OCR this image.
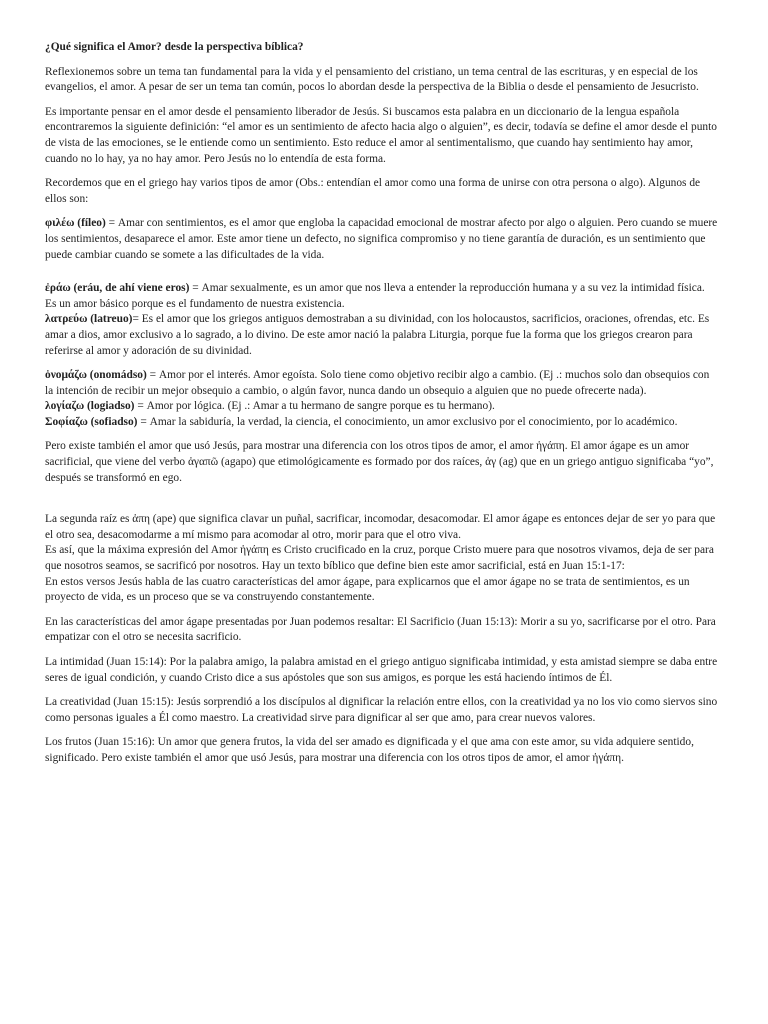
¿Qué significa el Amor? desde la perspectiva bíblica?

Reflexionemos sobre un tema tan fundamental para la vida y el pensamiento del cristiano, un tema central de las escrituras, y en especial de los evangelios, el amor. A pesar de ser un tema tan común, pocos lo abordan desde la perspectiva de la Biblia o desde el pensamiento de Jesucristo.

Es importante pensar en el amor desde el pensamiento liberador de Jesús. Si buscamos esta palabra en un diccionario de la lengua española encontraremos la siguiente definición: “el amor es un sentimiento de afecto hacia algo o alguien”, es decir, todavía se define el amor desde el punto de vista de las emociones, se le entiende como un sentimiento. Esto reduce el amor al sentimentalismo, que cuando hay sentimiento hay amor, cuando no lo hay, ya no hay amor. Pero Jesús no lo entendía de esta forma.

Recordemos que en el griego hay varios tipos de amor (Obs.: entendían el amor como una forma de unirse con otra persona o algo). Algunos de ellos son:

φιλέω (fíleo) = Amar con sentimientos, es el amor que engloba la capacidad emocional de mostrar afecto por algo o alguien. Pero cuando se muere los sentimientos, desaparece el amor. Este amor tiene un defecto, no significa compromiso y no tiene garantía de duración, es un sentimiento que puede cambiar cuando se somete a las dificultades de la vida.

ἐράω (eráu, de ahí viene eros) = Amar sexualmente, es un amor que nos lleva a entender la reproducción humana y a su vez la intimidad física. Es un amor básico porque es el fundamento de nuestra existencia.
λατρεύω (latreuo)= Es el amor que los griegos antiguos demostraban a su divinidad, con los holocaustos, sacrificios, oraciones, ofrendas, etc. Es amar a dios, amor exclusivo a lo sagrado, a lo divino. De este amor nació la palabra Liturgia, porque fue la forma que los griegos crearon para referirse al amor y adoración de su divinidad.
ὀνομάζω (onomádso) = Amor por el interés. Amor egoísta. Solo tiene como objetivo recibir algo a cambio. (Ej .: muchos solo dan obsequios con la intención de recibir un mejor obsequio a cambio, o algún favor, nunca dando un obsequio a alguien que no puede ofrecerte nada).
λογίαζω (logiadso) = Amor por lógica. (Ej .: Amar a tu hermano de sangre porque es tu hermano).
Σοφίαζω (sofiadso) = Amar la sabiduría, la verdad, la ciencia, el conocimiento, un amor exclusivo por el conocimiento, por lo académico.

Pero existe también el amor que usó Jesús, para mostrar una diferencia con los otros tipos de amor, el amor ἠγάπη. El amor ágape es un amor sacrificial, que viene del verbo ἀγαπῶ (agapo) que etimológicamente es formado por dos raíces, ἀγ (ag) que en un griego antiguo significaba “yo”, después se transformó en ego.

La segunda raíz es ἀπη (ape) que significa clavar un puñal, sacrificar, incomodar, desacomodar. El amor ágape es entonces dejar de ser yo para que el otro sea, desacomodarme a mí mismo para acomodar al otro, morir para que el otro viva.
Es así, que la máxima expresión del Amor ἠγάπη es Cristo crucificado en la cruz, porque Cristo muere para que nosotros vivamos, deja de ser para que nosotros seamos, se sacrificó por nosotros. Hay un texto bíblico que define bien este amor sacrificial, está en Juan 15:1-17:
En estos versos Jesús habla de las cuatro características del amor ágape, para explicarnos que el amor ágape no se trata de sentimientos, es un proyecto de vida, es un proceso que se va construyendo constantemente.

En las características del amor ágape presentadas por Juan podemos resaltar: El Sacrificio (Juan 15:13): Morir a su yo, sacrificarse por el otro. Para empatizar con el otro se necesita sacrificio.

La intimidad (Juan 15:14): Por la palabra amigo, la palabra amistad en el griego antiguo significaba intimidad, y esta amistad siempre se daba entre seres de igual condición, y cuando Cristo dice a sus apóstoles que son sus amigos, es porque les está haciendo íntimos de Él.

La creatividad (Juan 15:15): Jesús sorprendió a los discípulos al dignificar la relación entre ellos, con la creatividad ya no los vio como siervos sino como personas iguales a Él como maestro. La creatividad sirve para dignificar al ser que amo, para crear nuevos valores.

Los frutos (Juan 15:16): Un amor que genera frutos, la vida del ser amado es dignificada y el que ama con este amor, su vida adquiere sentido, significado. Pero existe también el amor que usó Jesús, para mostrar una diferencia con los otros tipos de amor, el amor ἠγάπη.
